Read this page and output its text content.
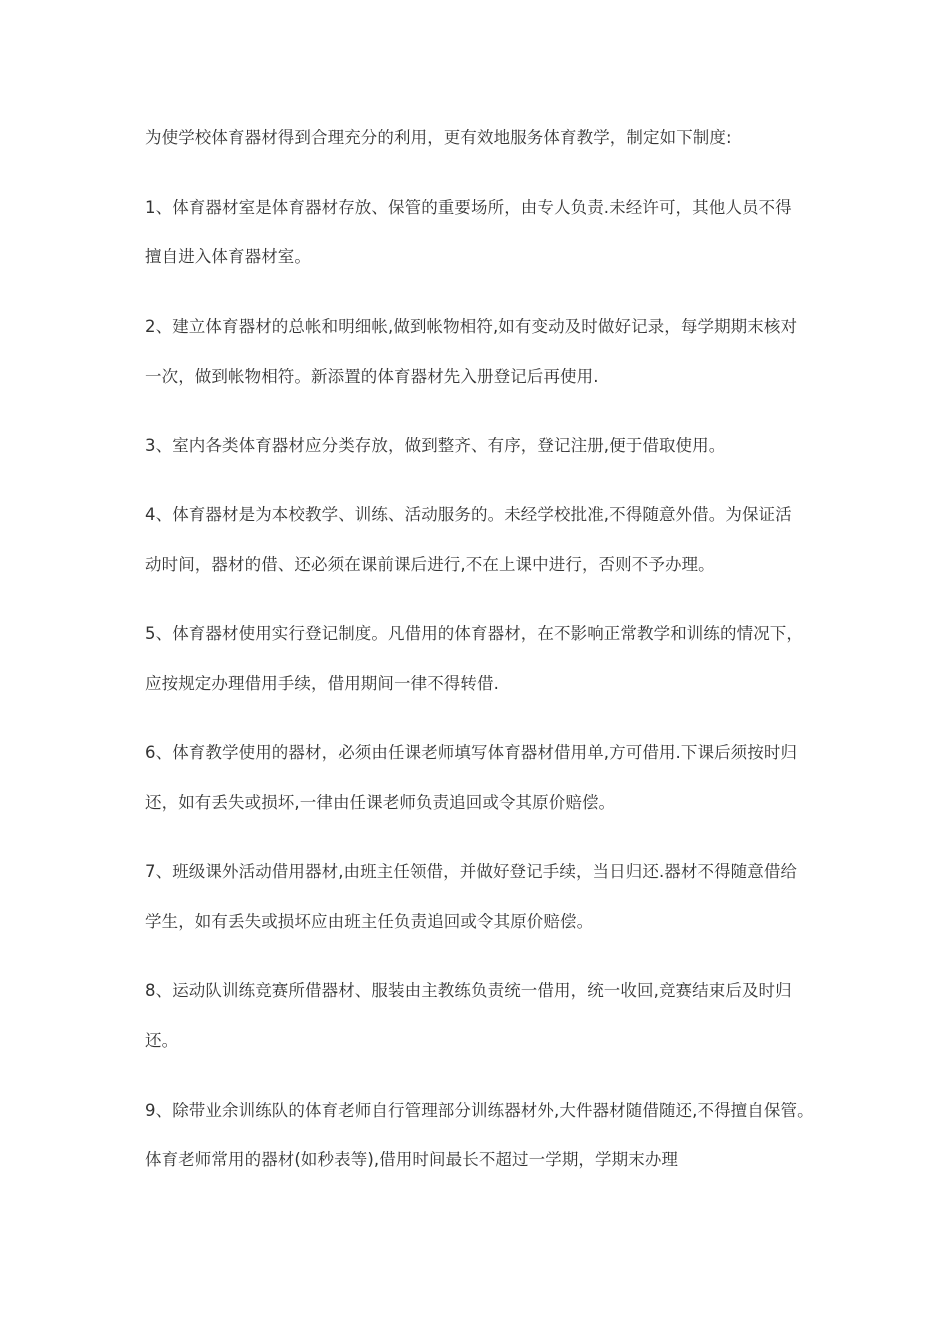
为使学校体育器材得到合理充分的利用，更有效地服务体育教学，制定如下制度:
1、体育器材室是体育器材存放、保管的重要场所，由专人负责.未经许可，其他人员不得
擅自进入体育器材室。
2、建立体育器材的总帐和明细帐,做到帐物相符,如有变动及时做好记录，每学期期末核对
一次，做到帐物相符。新添置的体育器材先入册登记后再使用.
3、室内各类体育器材应分类存放，做到整齐、有序，登记注册,便于借取使用。
4、体育器材是为本校教学、训练、活动服务的。未经学校批准,不得随意外借。为保证活
动时间，器材的借、还必须在课前课后进行,不在上课中进行，否则不予办理。
5、体育器材使用实行登记制度。凡借用的体育器材，在不影响正常教学和训练的情况下，
应按规定办理借用手续，借用期间一律不得转借.
6、体育教学使用的器材，必须由任课老师填写体育器材借用单,方可借用.下课后须按时归
还，如有丢失或损坏,一律由任课老师负责追回或令其原价赔偿。
7、班级课外活动借用器材,由班主任领借，并做好登记手续，当日归还.器材不得随意借给
学生，如有丢失或损坏应由班主任负责追回或令其原价赔偿。
8、运动队训练竞赛所借器材、服装由主教练负责统一借用，统一收回,竞赛结束后及时归
还。
9、除带业余训练队的体育老师自行管理部分训练器材外,大件器材随借随还,不得擅自保管。
体育老师常用的器材(如秒表等),借用时间最长不超过一学期，学期末办理
